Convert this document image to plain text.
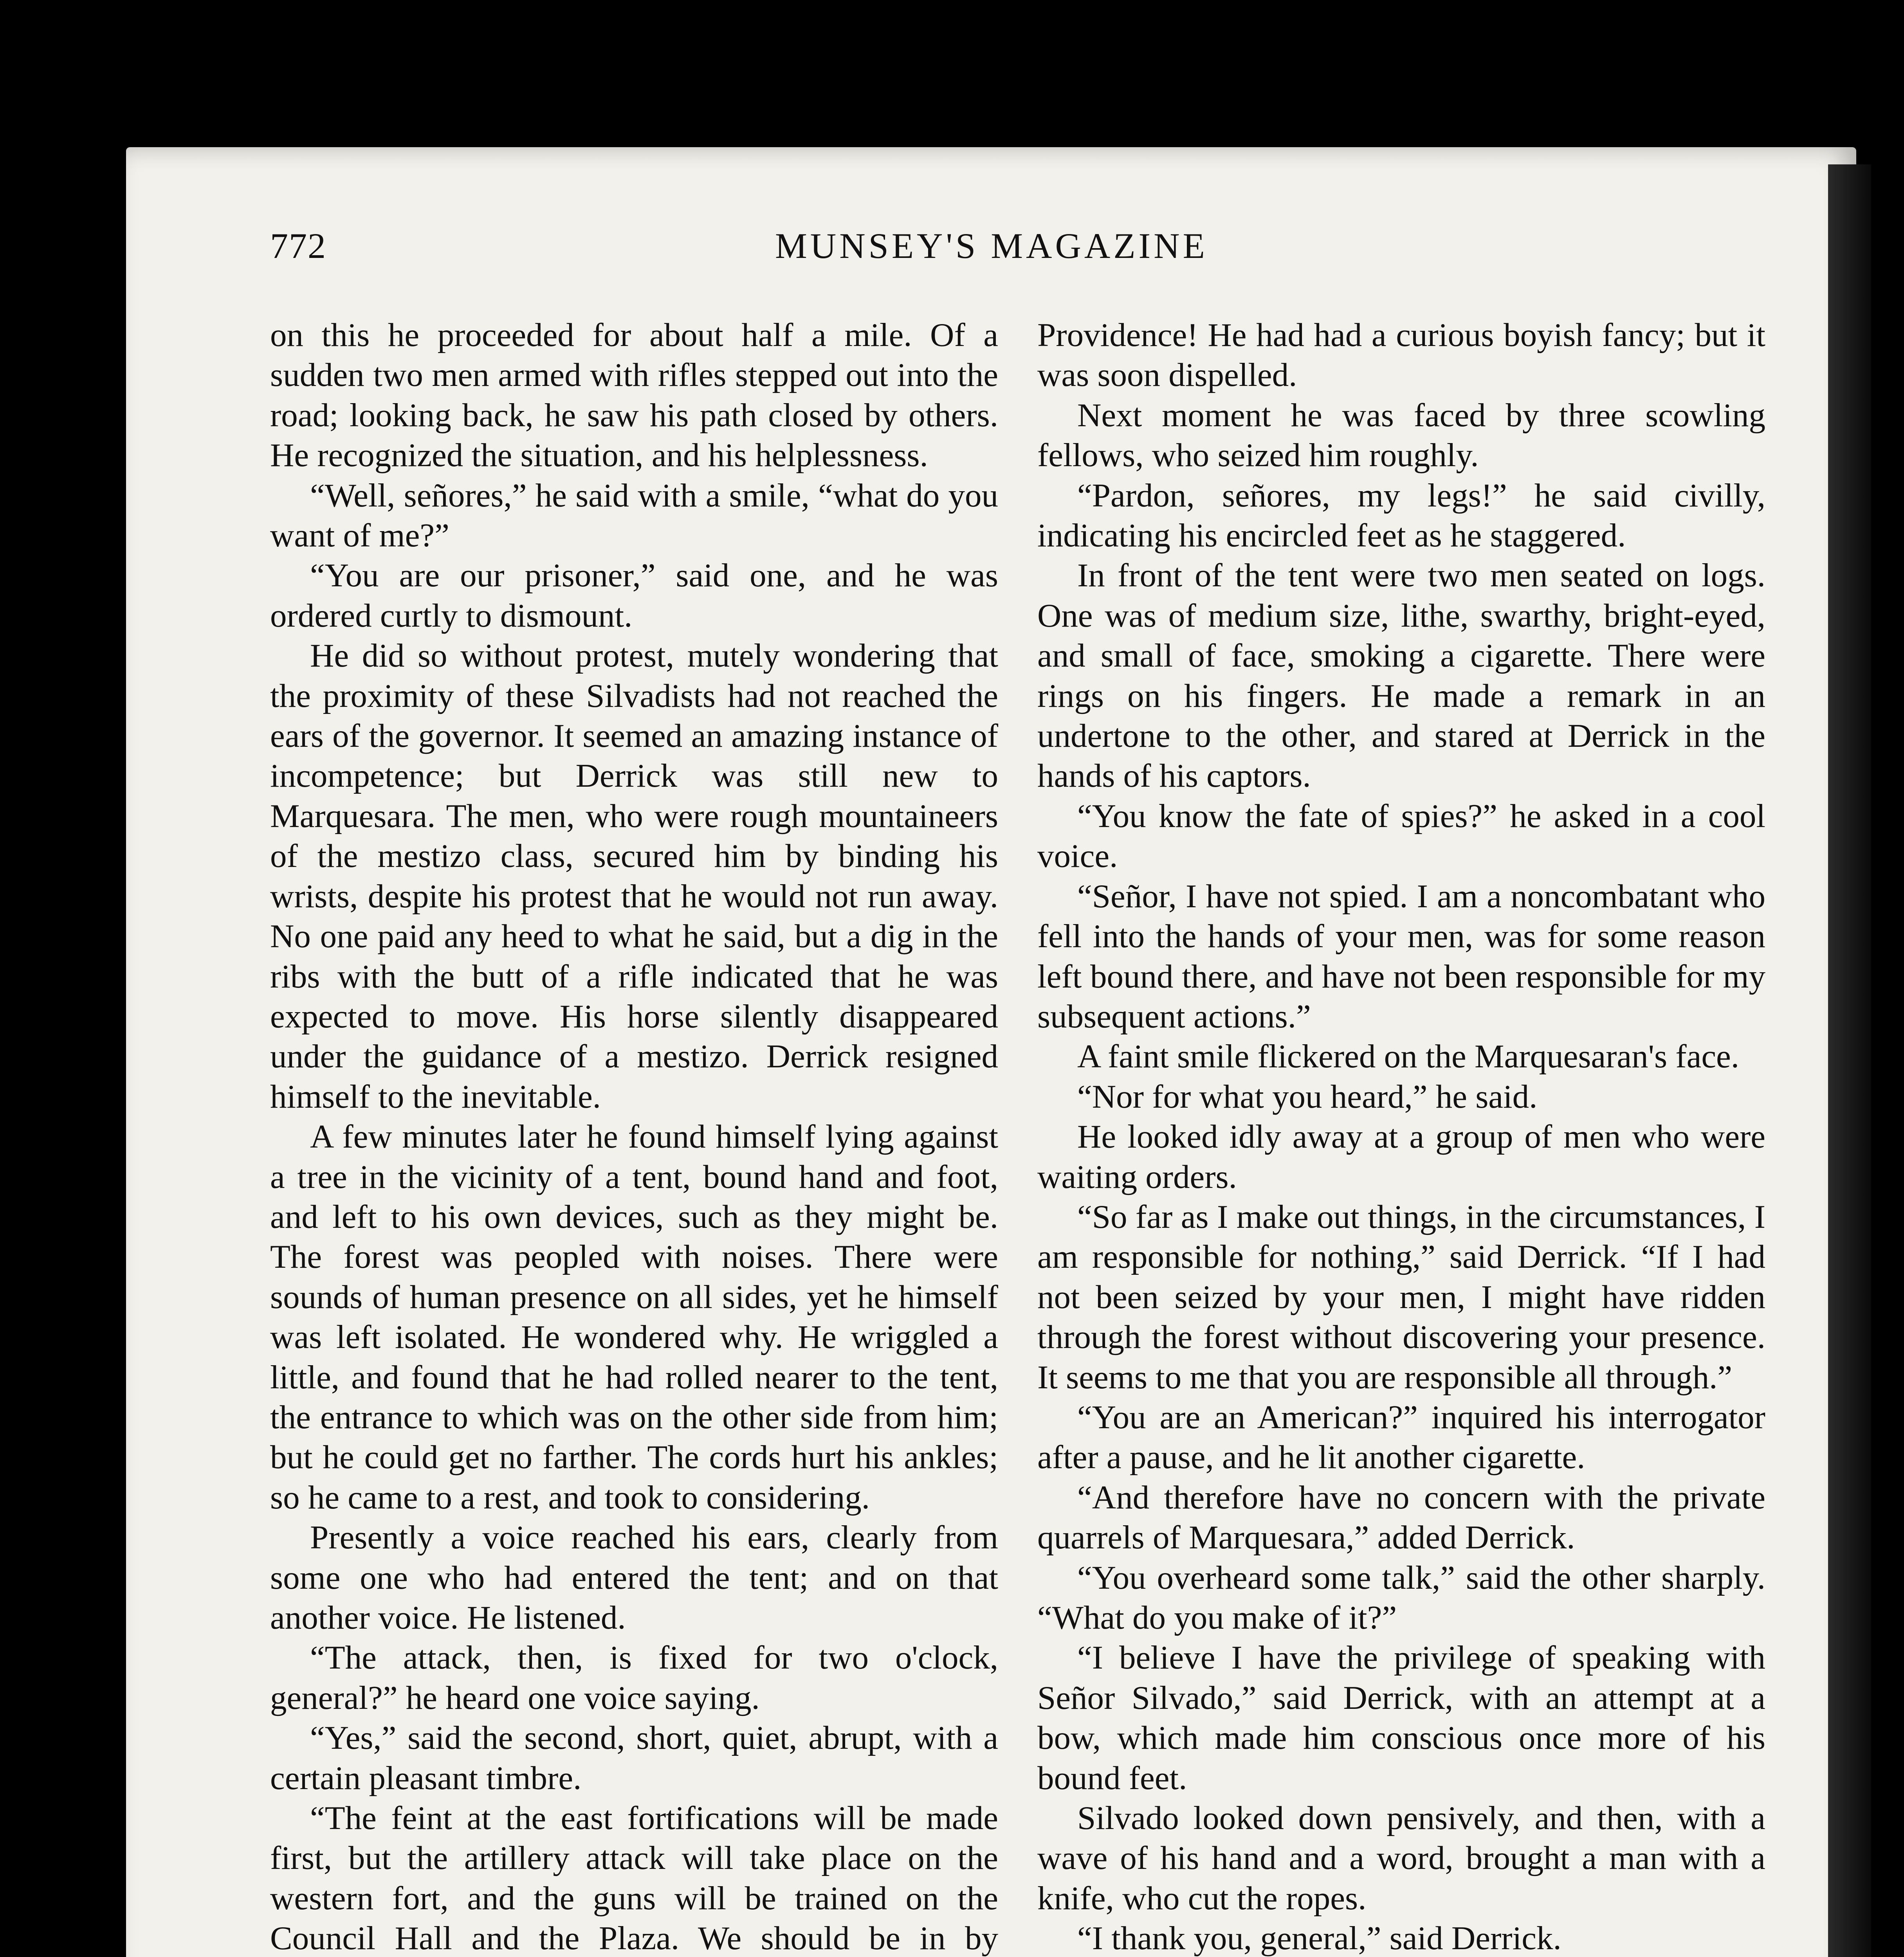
772	MUNSEY'S MAGAZINE

on this he proceeded for about half a mile. Of a sudden two men armed with rifles stepped out into the road; looking back, he saw his path closed by others. He recognized the situation, and his helplessness.

“Well, señores,” he said with a smile, “what do you want of me?”

“You are our prisoner,” said one, and he was ordered curtly to dismount.

He did so without protest, mutely wondering that the proximity of these Silvadists had not reached the ears of the governor. It seemed an amazing instance of incompetence; but Derrick was still new to Marquesara. The men, who were rough mountaineers of the mestizo class, secured him by binding his wrists, despite his protest that he would not run away. No one paid any heed to what he said, but a dig in the ribs with the butt of a rifle indicated that he was expected to move. His horse silently disappeared under the guidance of a mestizo. Derrick resigned himself to the inevitable.

A few minutes later he found himself lying against a tree in the vicinity of a tent, bound hand and foot, and left to his own devices, such as they might be. The forest was peopled with noises. There were sounds of human presence on all sides, yet he himself was left isolated. He wondered why. He wriggled a little, and found that he had rolled nearer to the tent, the entrance to which was on the other side from him; but he could get no farther. The cords hurt his ankles; so he came to a rest, and took to considering.

Presently a voice reached his ears, clearly from some one who had entered the tent; and on that another voice. He listened.

“The attack, then, is fixed for two o'clock, general?” he heard one voice saying.

“Yes,” said the second, short, quiet, abrupt, with a certain pleasant timbre.

“The feint at the east fortifications will be made first, but the artillery attack will take place on the western fort, and the guns will be trained on the Council Hall and the Plaza. We should be in by

Providence! He had had a curious boyish fancy; but it was soon dispelled.

Next moment he was faced by three scowling fellows, who seized him roughly.

“Pardon, señores, my legs!” he said civilly, indicating his encircled feet as he staggered.

In front of the tent were two men seated on logs. One was of medium size, lithe, swarthy, bright-eyed, and small of face, smoking a cigarette. There were rings on his fingers. He made a remark in an undertone to the other, and stared at Derrick in the hands of his captors.

“You know the fate of spies?” he asked in a cool voice.

“Señor, I have not spied. I am a noncombatant who fell into the hands of your men, was for some reason left bound there, and have not been responsible for my subsequent actions.”

A faint smile flickered on the Marquesaran's face.

“Nor for what you heard,” he said.

He looked idly away at a group of men who were waiting orders.

“So far as I make out things, in the circumstances, I am responsible for nothing,” said Derrick. “If I had not been seized by your men, I might have ridden through the forest without discovering your presence. It seems to me that you are responsible all through.”

“You are an American?” inquired his interrogator after a pause, and he lit another cigarette.

“And therefore have no concern with the private quarrels of Marquesara,” added Derrick.

“You overheard some talk,” said the other sharply. “What do you make of it?”

“I believe I have the privilege of speaking with Señor Silvado,” said Derrick, with an attempt at a bow, which made him conscious once more of his bound feet.

Silvado looked down pensively, and then, with a wave of his hand and a word, brought a man with a knife, who cut the ropes.

“I thank you, general,” said Derrick.
